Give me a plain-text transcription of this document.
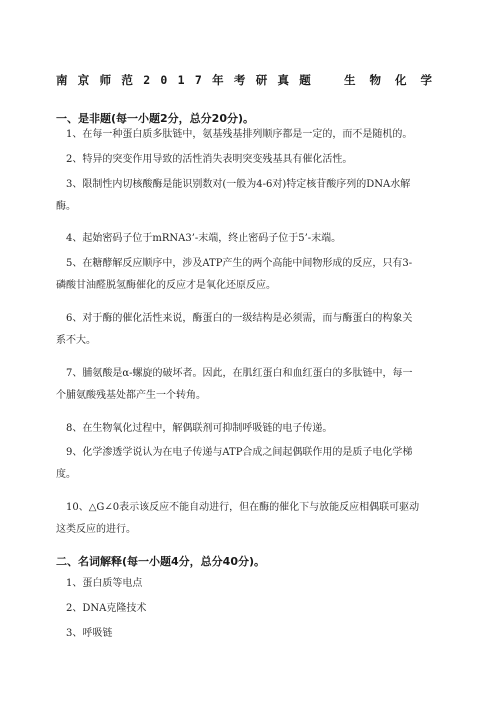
南京师范2017年考研真题 生物化学
一、是非题(每一小题2分，总分20分)。
1、在每一种蛋白质多肽链中，氨基残基排列顺序都是一定的，而不是随机的。
2、特异的突变作用导致的活性消失表明突变残基具有催化活性。
3、限制性内切核酸酶是能识别数对(一般为4-6对)特定核苷酸序列的DNA水解
酶。
4、起始密码子位于mRNA3’-末端，终止密码子位于5’-末端。
5、在糖酵解反应顺序中，涉及ATP产生的两个高能中间物形成的反应，只有3-
磷酸甘油醛脱氢酶催化的反应才是氧化还原反应。
6、对于酶的催化活性来说，酶蛋白的一级结构是必须需，而与酶蛋白的构象关
系不大。
7、脯氨酸是α-螺旋的破坏者。因此，在肌红蛋白和血红蛋白的多肽链中，每一
个脯氨酸残基处都产生一个转角。
8、在生物氧化过程中，解偶联剂可抑制呼吸链的电子传递。
9、化学渗透学说认为在电子传递与ATP合成之间起偶联作用的是质子电化学梯
度。
10、△G∠0表示该反应不能自动进行，但在酶的催化下与放能反应相偶联可驱动
这类反应的进行。
二、名词解释(每一小题4分，总分40分)。
1、蛋白质等电点
2、DNA克隆技术
3、呼吸链
